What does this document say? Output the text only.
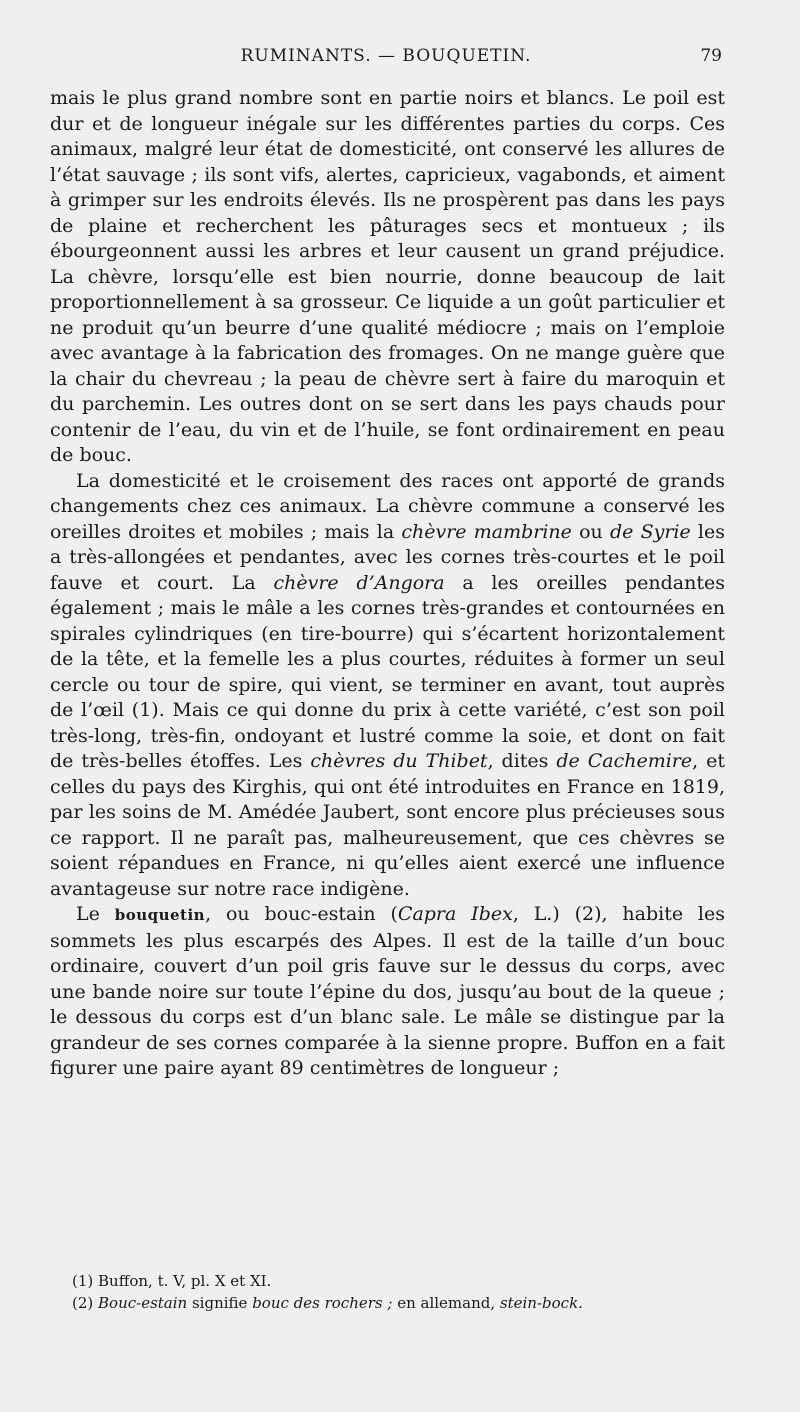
RUMINANTS. — BOUQUETIN.	79

mais le plus grand nombre sont en partie noirs et blancs. Le poil est dur et de longueur inégale sur les différentes parties du corps. Ces animaux, malgré leur état de domesticité, ont conservé les allures de l’état sauvage ; ils sont vifs, alertes, capricieux, vagabonds, et aiment à grimper sur les endroits élevés. Ils ne prospèrent pas dans les pays de plaine et recherchent les pâturages secs et montueux ; ils ébourgeonnent aussi les arbres et leur causent un grand préjudice. La chèvre, lorsqu’elle est bien nourrie, donne beaucoup de lait proportionnellement à sa grosseur. Ce liquide a un goût particulier et ne produit qu’un beurre d’une qualité médiocre ; mais on l’emploie avec avantage à la fabrication des fromages. On ne mange guère que la chair du chevreau ; la peau de chèvre sert à faire du maroquin et du parchemin. Les outres dont on se sert dans les pays chauds pour contenir de l’eau, du vin et de l’huile, se font ordinairement en peau de bouc.

La domesticité et le croisement des races ont apporté de grands changements chez ces animaux. La chèvre commune a conservé les oreilles droites et mobiles ; mais la chèvre mambrine ou de Syrie les a très-allongées et pendantes, avec les cornes très-courtes et le poil fauve et court. La chèvre d’Angora a les oreilles pendantes également ; mais le mâle a les cornes très-grandes et contournées en spirales cylindriques (en tire-bourre) qui s’écartent horizontalement de la tête, et la femelle les a plus courtes, réduites à former un seul cercle ou tour de spire, qui vient, se terminer en avant, tout auprès de l’œil (1). Mais ce qui donne du prix à cette variété, c’est son poil très-long, très-fin, ondoyant et lustré comme la soie, et dont on fait de très-belles étoffes. Les chèvres du Thibet, dites de Cachemire, et celles du pays des Kirghis, qui ont été introduites en France en 1819, par les soins de M. Amédée Jaubert, sont encore plus précieuses sous ce rapport. Il ne paraît pas, malheureusement, que ces chèvres se soient répandues en France, ni qu’elles aient exercé une influence avantageuse sur notre race indigène.

Le bouquetin, ou bouc-estain (Capra Ibex, L.) (2), habite les sommets les plus escarpés des Alpes. Il est de la taille d’un bouc ordinaire, couvert d’un poil gris fauve sur le dessus du corps, avec une bande noire sur toute l’épine du dos, jusqu’au bout de la queue ; le dessous du corps est d’un blanc sale. Le mâle se distingue par la grandeur de ses cornes comparée à la sienne propre. Buffon en a fait figurer une paire ayant 89 centimètres de longueur ;

(1) Buffon, t. V, pl. X et XI.

(2) Bouc-estain signifie bouc des rochers ; en allemand, stein-bock.
